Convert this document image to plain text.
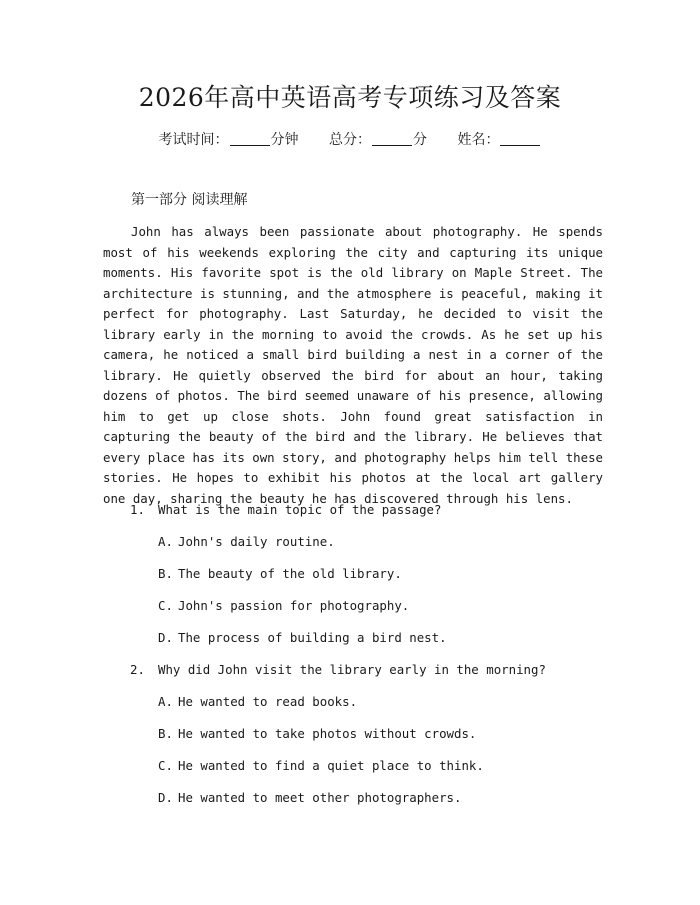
2026年高中英语高考专项练习及答案
考试时间：	分钟 总分：	分 姓名：
第一部分 阅读理解

John has always been passionate about photography. He spends most of his weekends exploring the city and capturing its unique moments. His favorite spot is the old library on Maple Street. The architecture is stunning, and the atmosphere is peaceful, making it perfect for photography. Last Saturday, he decided to visit the library early in the morning to avoid the crowds. As he set up his camera, he noticed a small bird building a nest in a corner of the library. He quietly observed the bird for about an hour, taking dozens of photos. The bird seemed unaware of his presence, allowing him to get up close shots. John found great satisfaction in capturing the beauty of the bird and the library. He believes that every place has its own story, and photography helps him tell these stories. He hopes to exhibit his photos at the local art gallery one day, sharing the beauty he has discovered through his lens.

1. What is the main topic of the passage?
A. John's daily routine.
B. The beauty of the old library.
C. John's passion for photography.
D. The process of building a bird nest.
2. Why did John visit the library early in the morning?
A. He wanted to read books.
B. He wanted to take photos without crowds.
C. He wanted to find a quiet place to think.
D. He wanted to meet other photographers.
